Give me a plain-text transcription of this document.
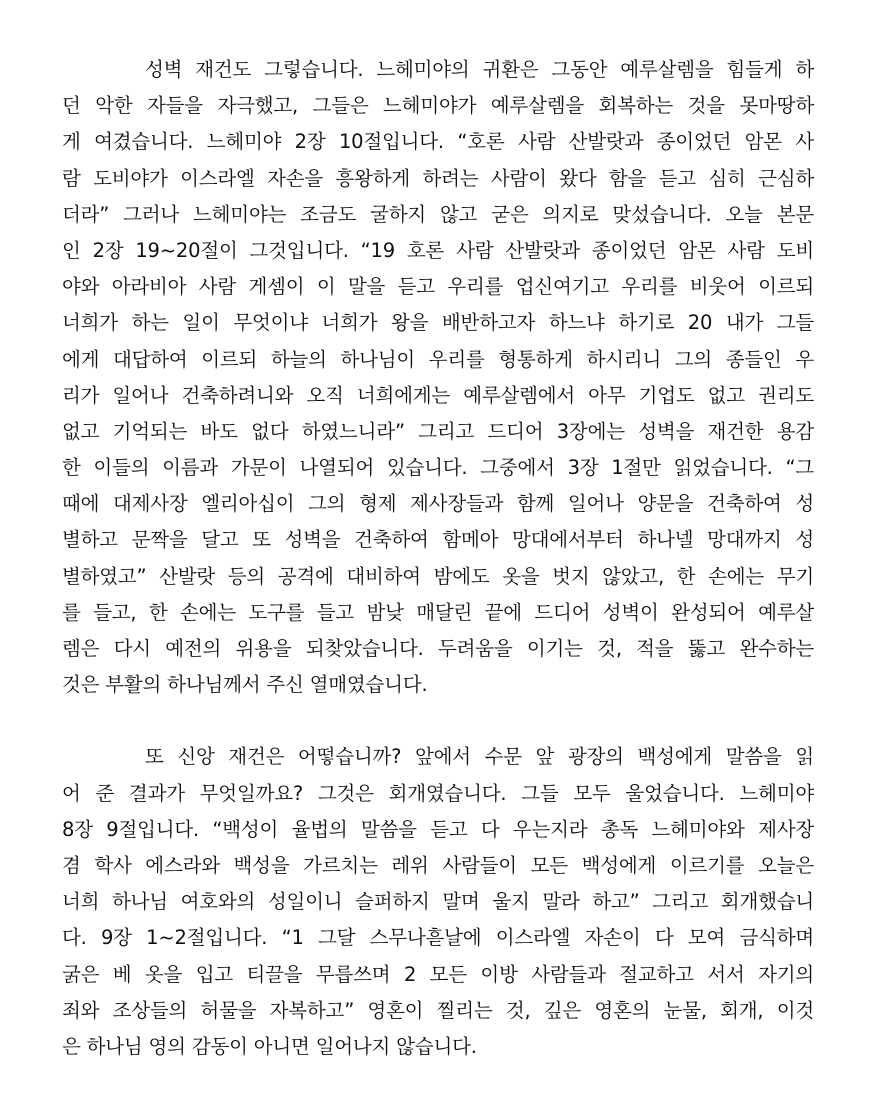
성벽 재건도 그렇습니다. 느헤미야의 귀환은 그동안 예루살렘을 힘들게 하
던 악한 자들을 자극했고, 그들은 느헤미야가 예루살렘을 회복하는 것을 못마땅하
게 여겼습니다. 느헤미야 2장 10절입니다. “호론 사람 산발랏과 종이었던 암몬 사
람 도비야가 이스라엘 자손을 흥왕하게 하려는 사람이 왔다 함을 듣고 심히 근심하
더라” 그러나 느헤미야는 조금도 굴하지 않고 굳은 의지로 맞섰습니다. 오늘 본문
인 2장 19~20절이 그것입니다. “19 호론 사람 산발랏과 종이었던 암몬 사람 도비
야와 아라비아 사람 게셈이 이 말을 듣고 우리를 업신여기고 우리를 비웃어 이르되
너희가 하는 일이 무엇이냐 너희가 왕을 배반하고자 하느냐 하기로 20 내가 그들
에게 대답하여 이르되 하늘의 하나님이 우리를 형통하게 하시리니 그의 종들인 우
리가 일어나 건축하려니와 오직 너희에게는 예루살렘에서 아무 기업도 없고 권리도
없고 기억되는 바도 없다 하였느니라” 그리고 드디어 3장에는 성벽을 재건한 용감
한 이들의 이름과 가문이 나열되어 있습니다. 그중에서 3장 1절만 읽었습니다. “그
때에 대제사장 엘리아십이 그의 형제 제사장들과 함께 일어나 양문을 건축하여 성
별하고 문짝을 달고 또 성벽을 건축하여 함메아 망대에서부터 하나넬 망대까지 성
별하였고” 산발랏 등의 공격에 대비하여 밤에도 옷을 벗지 않았고, 한 손에는 무기
를 들고, 한 손에는 도구를 들고 밤낮 매달린 끝에 드디어 성벽이 완성되어 예루살
렘은 다시 예전의 위용을 되찾았습니다. 두려움을 이기는 것, 적을 뚫고 완수하는
것은 부활의 하나님께서 주신 열매였습니다.
또 신앙 재건은 어떻습니까? 앞에서 수문 앞 광장의 백성에게 말씀을 읽
어 준 결과가 무엇일까요? 그것은 회개였습니다. 그들 모두 울었습니다. 느헤미야
8장 9절입니다. “백성이 율법의 말씀을 듣고 다 우는지라 총독 느헤미야와 제사장
겸 학사 에스라와 백성을 가르치는 레위 사람들이 모든 백성에게 이르기를 오늘은
너희 하나님 여호와의 성일이니 슬퍼하지 말며 울지 말라 하고” 그리고 회개했습니
다. 9장 1~2절입니다. “1 그달 스무나흗날에 이스라엘 자손이 다 모여 금식하며
굵은 베 옷을 입고 티끌을 무릅쓰며 2 모든 이방 사람들과 절교하고 서서 자기의
죄와 조상들의 허물을 자복하고” 영혼이 찔리는 것, 깊은 영혼의 눈물, 회개, 이것
은 하나님 영의 감동이 아니면 일어나지 않습니다.
